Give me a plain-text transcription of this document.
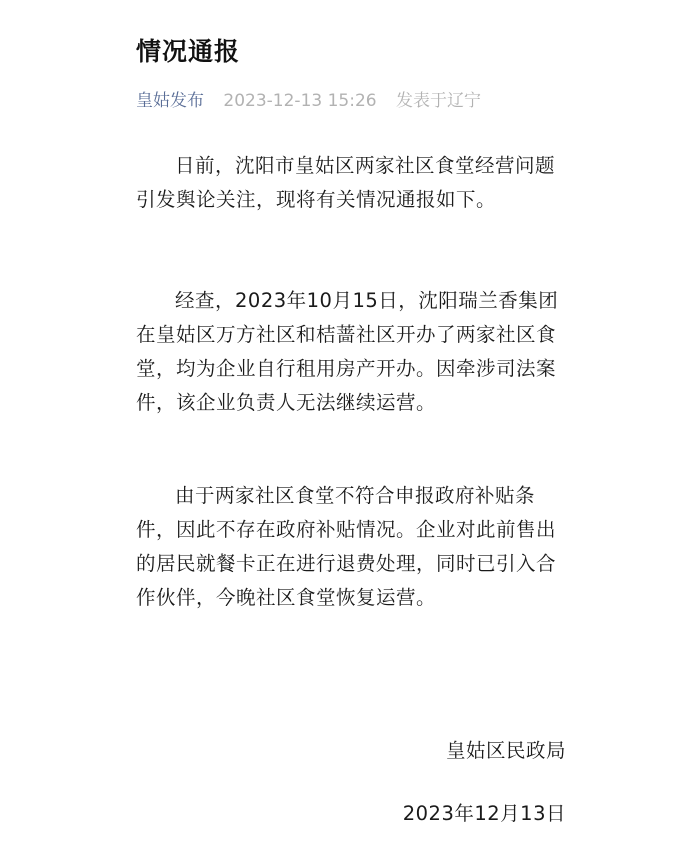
情况通报
皇姑发布 2023-12-13 15:26 发表于辽宁

日前，沈阳市皇姑区两家社区食堂经营问题引发舆论关注，现将有关情况通报如下。

经查，2023年10月15日，沈阳瑞兰香集团在皇姑区万方社区和桔蔷社区开办了两家社区食堂，均为企业自行租用房产开办。因牵涉司法案件，该企业负责人无法继续运营。

由于两家社区食堂不符合申报政府补贴条件，因此不存在政府补贴情况。企业对此前售出的居民就餐卡正在进行退费处理，同时已引入合作伙伴，今晚社区食堂恢复运营。

皇姑区民政局
2023年12月13日
